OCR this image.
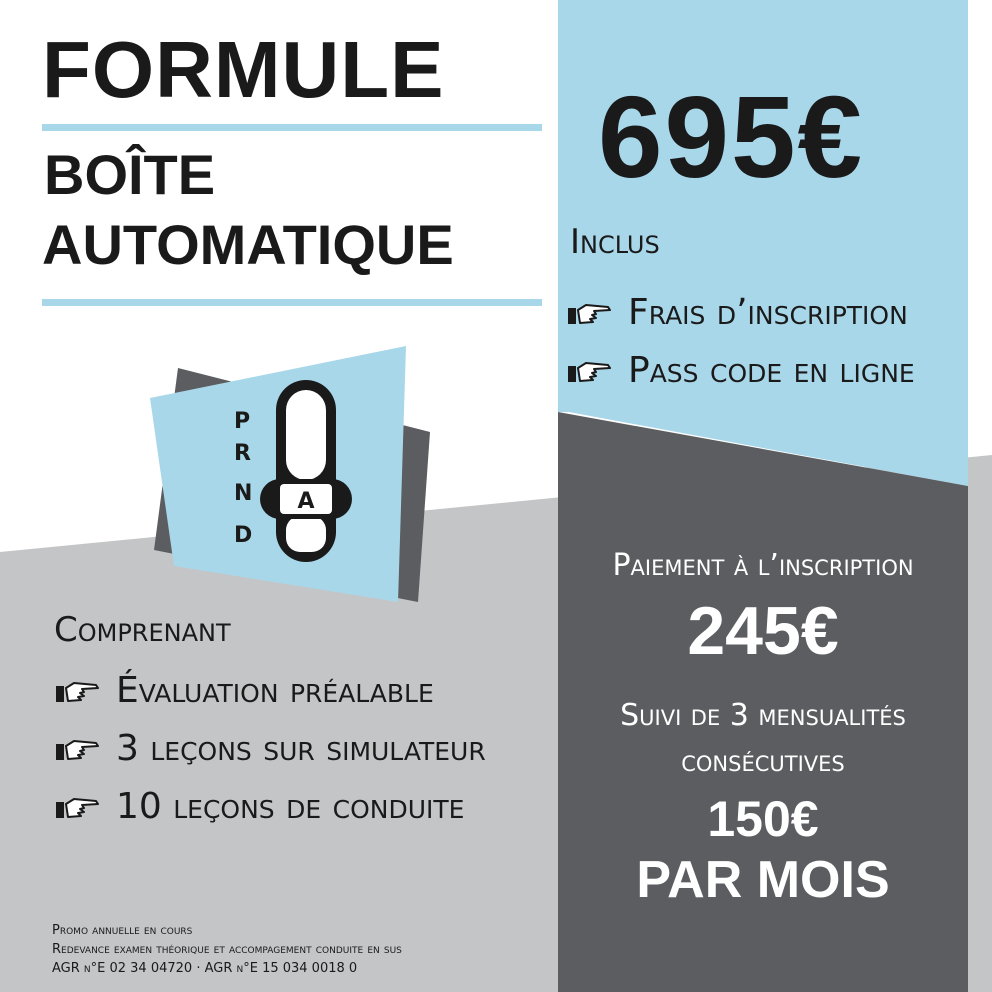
FORMULE
BOÎTE
AUTOMATIQUE
695€
Inclus
Frais d’inscription
Pass code en ligne
P
R
N
D
A
Comprenant
Évaluation préalable
3 leçons sur simulateur
10 leçons de conduite
Paiement à l’inscription
245€
Suivi de 3 mensualités
consécutives
150€
PAR MOIS
Promo annuelle en cours
Redevance examen théorique et accompagement conduite en sus
AGR n°E 02 34 04720 · AGR n°E 15 034 0018 0
